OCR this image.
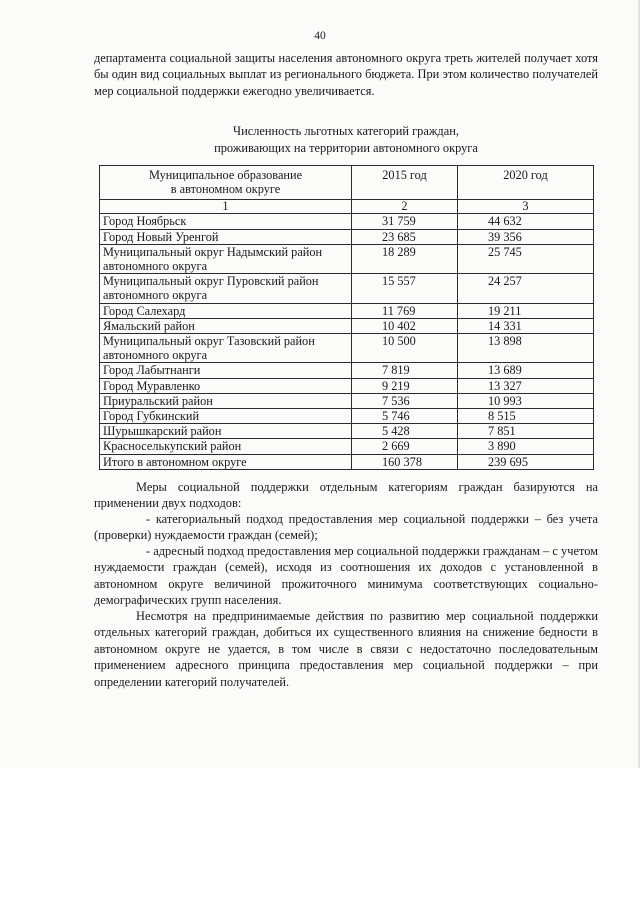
40

департамента социальной защиты населения автономного округа треть жителей получает хотя бы один вид социальных выплат из регионального бюджета. При этом количество получателей мер социальной поддержки ежегодно увеличивается.

Численность льготных категорий граждан,
проживающих на территории автономного округа
Муниципальное образование
в автономном округе	2015 год	2020 год
1	2	3
Город Ноябрьск	31 759	44 632
Город Новый Уренгой	23 685	39 356
Муниципальный округ Надымский район автономного округа	18 289	25 745
Муниципальный округ Пуровский район автономного округа	15 557	24 257
Город Салехард	11 769	19 211
Ямальский район	10 402	14 331
Муниципальный округ Тазовский район автономного округа	10 500	13 898
Город Лабытнанги	7 819	13 689
Город Муравленко	9 219	13 327
Приуральский район	7 536	10 993
Город Губкинский	5 746	8 515
Шурышкарский район	5 428	7 851
Красноселькупский район	2 669	3 890
Итого в автономном округе	160 378	239 695

Меры социальной поддержки отдельным категориям граждан базируются на применении двух подходов:

- категориальный подход предоставления мер социальной поддержки – без учета (проверки) нуждаемости граждан (семей);

- адресный подход предоставления мер социальной поддержки гражданам – с учетом нуждаемости граждан (семей), исходя из соотношения их доходов с установленной в автономном округе величиной прожиточного минимума соответствующих социально-демографических групп населения.

Несмотря на предпринимаемые действия по развитию мер социальной поддержки отдельных категорий граждан, добиться их существенного влияния на снижение бедности в автономном округе не удается, в том числе в связи с недостаточно последовательным применением адресного принципа предоставления мер социальной поддержки – при определении категорий получателей.
